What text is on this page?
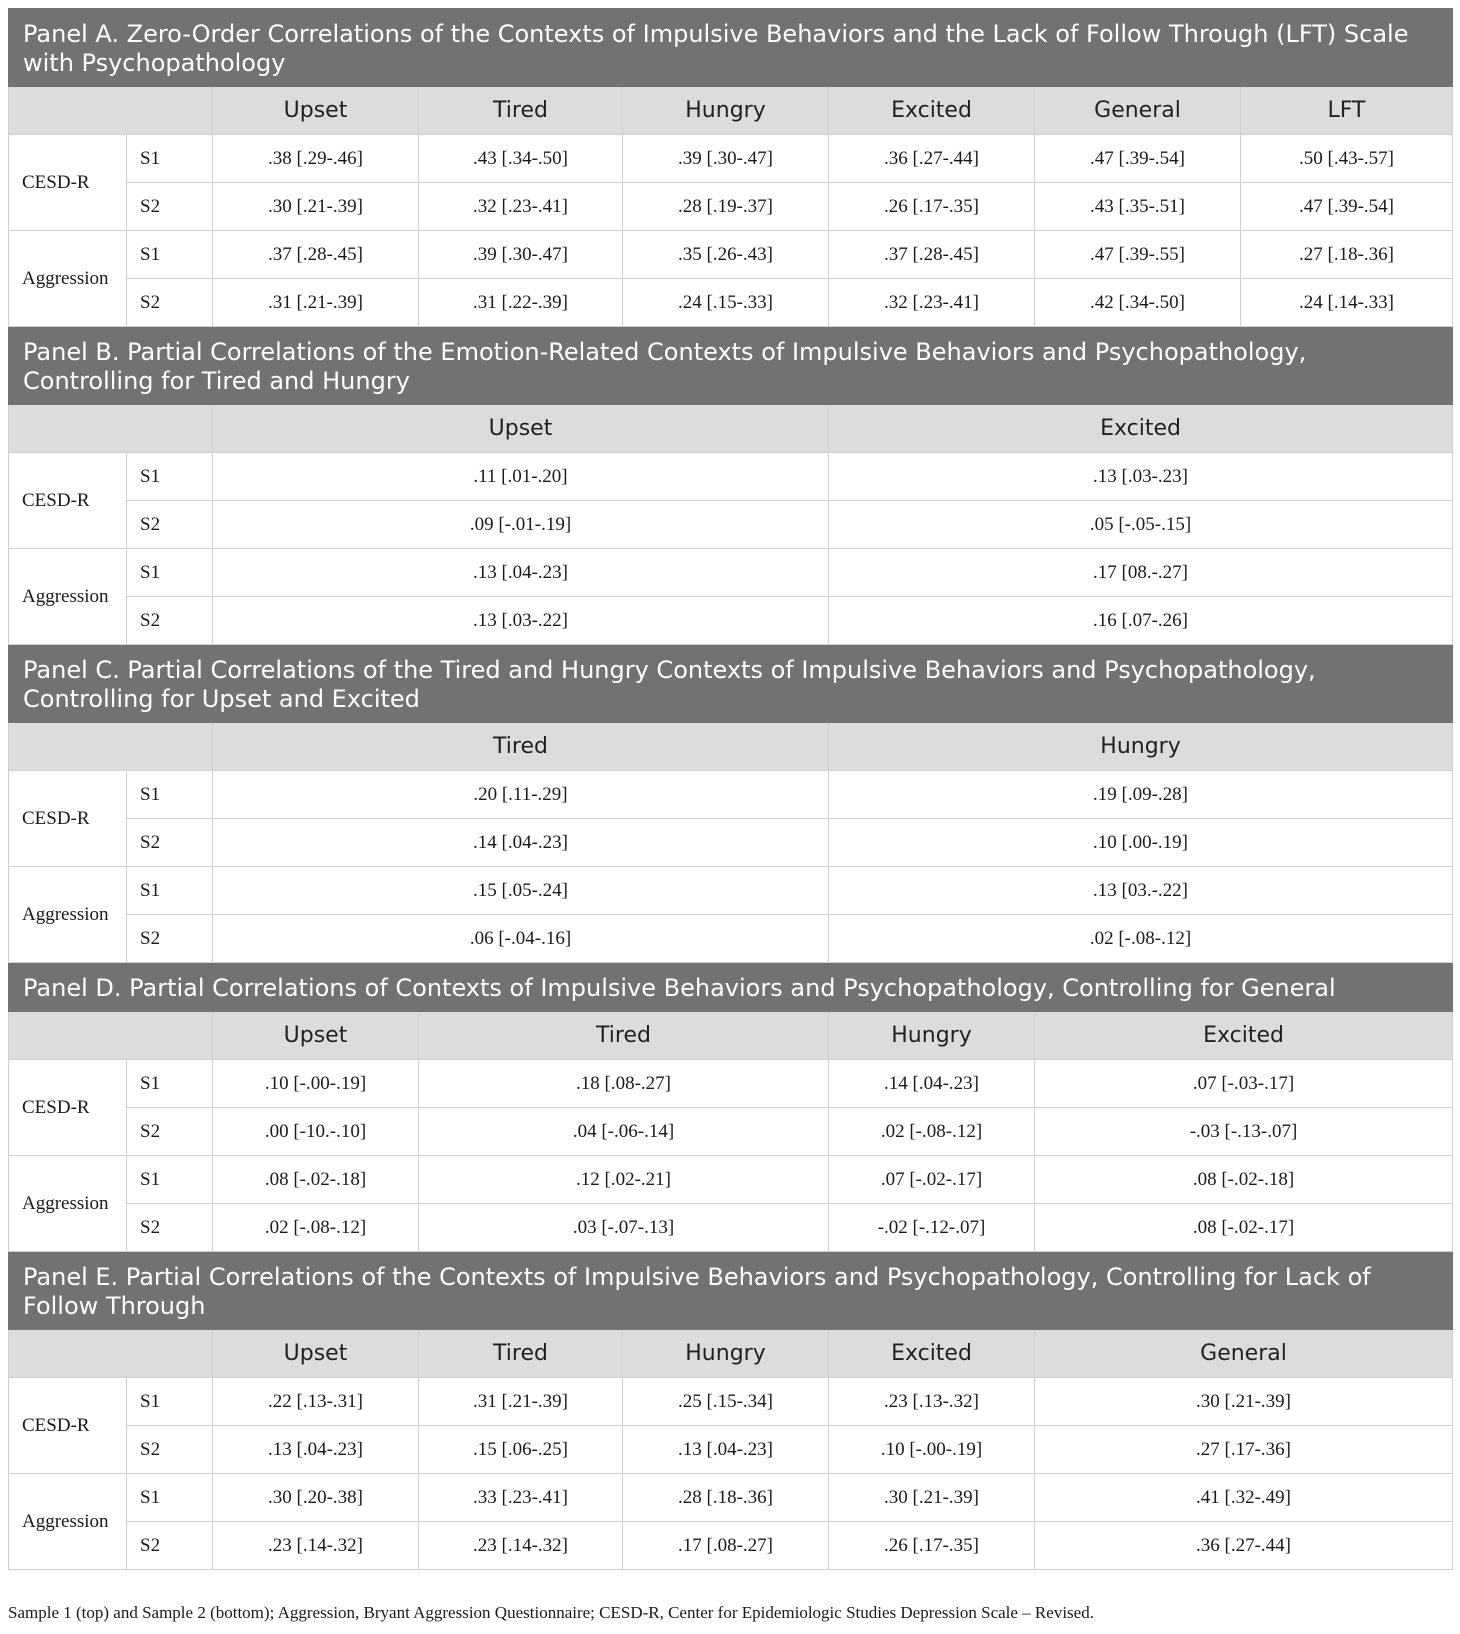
Panel A. Zero-Order Correlations of the Contexts of Impulsive Behaviors and the Lack of Follow Through (LFT) Scale with Psychopathology							
		Upset	Tired	Hungry	Excited	General	LFT
CESD-R	S1	.38 [.29-.46]	.43 [.34-.50]	.39 [.30-.47]	.36 [.27-.44]	.47 [.39-.54]	.50 [.43-.57]
	S2	.30 [.21-.39]	.32 [.23-.41]	.28 [.19-.37]	.26 [.17-.35]	.43 [.35-.51]	.47 [.39-.54]
Aggression	S1	.37 [.28-.45]	.39 [.30-.47]	.35 [.26-.43]	.37 [.28-.45]	.47 [.39-.55]	.27 [.18-.36]
	S2	.31 [.21-.39]	.31 [.22-.39]	.24 [.15-.33]	.32 [.23-.41]	.42 [.34-.50]	.24 [.14-.33]
Panel B. Partial Correlations of the Emotion-Related Contexts of Impulsive Behaviors and Psychopathology, Controlling for Tired and Hungry							
		Upset			Excited		
CESD-R	S1	.11 [.01-.20]			.13 [.03-.23]		
	S2	.09 [-.01-.19]			.05 [-.05-.15]		
Aggression	S1	.13 [.04-.23]			.17 [08.-.27]		
	S2	.13 [.03-.22]			.16 [.07-.26]		
Panel C. Partial Correlations of the Tired and Hungry Contexts of Impulsive Behaviors and Psychopathology, Controlling for Upset and Excited							
		Tired			Hungry		
CESD-R	S1	.20 [.11-.29]			.19 [.09-.28]		
	S2	.14 [.04-.23]			.10 [.00-.19]		
Aggression	S1	.15 [.05-.24]			.13 [03.-.22]		
	S2	.06 [-.04-.16]			.02 [-.08-.12]		
Panel D. Partial Correlations of Contexts of Impulsive Behaviors and Psychopathology, Controlling for General							
		Upset	Tired		Hungry	Excited	
CESD-R	S1	.10 [-.00-.19]	.18 [.08-.27]		.14 [.04-.23]	.07 [-.03-.17]	
	S2	.00 [-10.-.10]	.04 [-.06-.14]		.02 [-.08-.12]	-.03 [-.13-.07]	
Aggression	S1	.08 [-.02-.18]	.12 [.02-.21]		.07 [-.02-.17]	.08 [-.02-.18]	
	S2	.02 [-.08-.12]	.03 [-.07-.13]		-.02 [-.12-.07]	.08 [-.02-.17]	
Panel E. Partial Correlations of the Contexts of Impulsive Behaviors and Psychopathology, Controlling for Lack of Follow Through							
		Upset	Tired	Hungry	Excited	General	
CESD-R	S1	.22 [.13-.31]	.31 [.21-.39]	.25 [.15-.34]	.23 [.13-.32]	.30 [.21-.39]	
	S2	.13 [.04-.23]	.15 [.06-.25]	.13 [.04-.23]	.10 [-.00-.19]	.27 [.17-.36]	
Aggression	S1	.30 [.20-.38]	.33 [.23-.41]	.28 [.18-.36]	.30 [.21-.39]	.41 [.32-.49]	
	S2	.23 [.14-.32]	.23 [.14-.32]	.17 [.08-.27]	.26 [.17-.35]	.36 [.27-.44]	
Sample 1 (top) and Sample 2 (bottom); Aggression, Bryant Aggression Questionnaire; CESD-R, Center for Epidemiologic Studies Depression Scale – Revised.
